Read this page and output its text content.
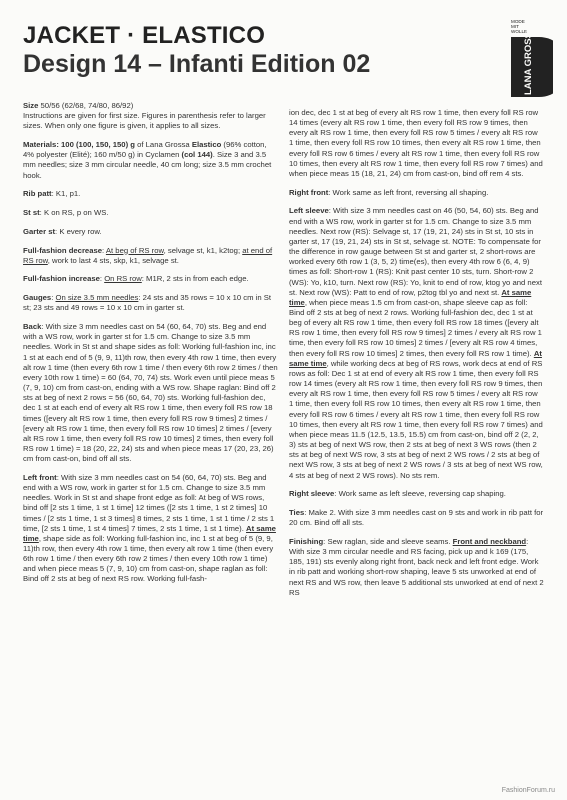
JACKET · ELASTICO
Design 14 – Infanti Edition 02
MODE
MIT
WOLLE
LANA GROSSA

Size 50/56 (62/68, 74/80, 86/92)
Instructions are given for first size. Figures in parenthesis refer to larger sizes. When only one figure is given, it applies to all sizes.

Materials: 100 (100, 150, 150) g of Lana Grossa Elastico (96% cotton, 4% polyester (Elité); 160 m/50 g) in Cyclamen (col 144). Size 3 and 3.5 mm needles; size 3 mm circular needle, 40 cm long; size 3.5 mm crochet hook.

Rib patt: K1, p1.

St st: K on RS, p on WS.

Garter st: K every row.

Full-fashion decrease: At beg of RS row, selvage st, k1, k2tog; at end of RS row, work to last 4 sts, skp, k1, selvage st.

Full-fashion increase: On RS row: M1R, 2 sts in from each edge.

Gauges: On size 3.5 mm needles: 24 sts and 35 rows = 10 x 10 cm in St st; 23 sts and 49 rows = 10 x 10 cm in garter st.

Back: With size 3 mm needles cast on 54 (60, 64, 70) sts. Beg and end with a WS row, work in garter st for 1.5 cm. Change to size 3.5 mm needles. Work in St st and shape sides as foll: Working full-fashion inc, inc 1 st at each end of 5 (9, 9, 11)th row, then every 4th row 1 time, then every alt row 1 time (then every 6th row 1 time / then every 6th row 2 times / then every 10th row 1 time) = 60 (64, 70, 74) sts. Work even until piece meas 5 (7, 9, 10) cm from cast-on, ending with a WS row. Shape raglan: Bind off 2 sts at beg of next 2 rows = 56 (60, 64, 70) sts. Working full-fashion dec, dec 1 st at each end of every alt RS row 1 time, then every foll RS row 18 times ([every alt RS row 1 time, then every foll RS row 9 times] 2 times / [every alt RS row 1 time, then every foll RS row 10 times] 2 times / [every alt RS row 1 time, then every foll RS row 10 times] 2 times, then every foll RS row 1 time) = 18 (20, 22, 24) sts and when piece meas 17 (20, 23, 26) cm from cast-on, bind off all sts.

Left front: With size 3 mm needles cast on 54 (60, 64, 70) sts. Beg and end with a WS row, work in garter st for 1.5 cm. Change to size 3.5 mm needles. Work in St st and shape front edge as foll: At beg of WS rows, bind off [2 sts 1 time, 1 st 1 time] 12 times ([2 sts 1 time, 1 st 2 times] 10 times / [2 sts 1 time, 1 st 3 times] 8 times, 2 sts 1 time, 1 st 1 time / 2 sts 1 time, [2 sts 1 time, 1 st 4 times] 7 times, 2 sts 1 time, 1 st 1 time). At same time, shape side as foll: Working full-fashion inc, inc 1 st at beg of 5 (9, 9, 11)th row, then every 4th row 1 time, then every alt row 1 time (then every 6th row 1 time / then every 6th row 2 times / then every 10th row 1 time) and when piece meas 5 (7, 9, 10) cm from cast-on, shape raglan as foll: Bind off 2 sts at beg of next RS row. Working full-fash-

ion dec, dec 1 st at beg of every alt RS row 1 time, then every foll RS row 14 times (every alt RS row 1 time, then every foll RS row 9 times, then every alt RS row 1 time, then every foll RS row 5 times / every alt RS row 1 time, then every foll RS row 10 times, then every alt RS row 1 time, then every foll RS row 6 times / every alt RS row 1 time, then every foll RS row 10 times, then every alt RS row 1 time, then every foll RS row 7 times) and when piece meas 15 (18, 21, 24) cm from cast-on, bind off rem 4 sts.

Right front: Work same as left front, reversing all shaping.

Left sleeve: With size 3 mm needles cast on 46 (50, 54, 60) sts. Beg and end with a WS row, work in garter st for 1.5 cm. Change to size 3.5 mm needles. Next row (RS): Selvage st, 17 (19, 21, 24) sts in St st, 10 sts in garter st, 17 (19, 21, 24) sts in St st, selvage st. NOTE: To compensate for the difference in row gauge between St st and garter st, 2 short-rows are worked every 6th row 1 (3, 5, 2) time(es), then every 4th row 6 (6, 4, 9) times as foll: Short-row 1 (RS): Knit past center 10 sts, turn. Short-row 2 (WS): Yo, k10, turn. Next row (RS): Yo, knit to end of row, ktog yo and next st. Next row (WS): Patt to end of row, p2tog tbl yo and next st. At same time, when piece meas 1.5 cm from cast-on, shape sleeve cap as foll: Bind off 2 sts at beg of next 2 rows. Working full-fashion dec, dec 1 st at beg of every alt RS row 1 time, then every foll RS row 18 times ([every alt RS row 1 time, then every foll RS row 9 times] 2 times / every alt RS row 1 time, then every foll RS row 10 times] 2 times / [every alt RS row 4 times, then every foll RS row 10 times] 2 times, then every foll RS row 1 time). At same time, while working decs at beg of RS rows, work decs at end of RS rows as foll: Dec 1 st at end of every alt RS row 1 time, then every foll RS row 14 times (every alt RS row 1 time, then every foll RS row 9 times, then every alt RS row 1 time, then every foll RS row 5 times / every alt RS row 1 time, then every foll RS row 10 times, then every alt RS row 1 time, then every foll RS row 6 times / every alt RS row 1 time, then every foll RS row 10 times, then every alt RS row 1 time, then every foll RS row 7 times) and when piece meas 11.5 (12.5, 13.5, 15.5) cm from cast-on, bind off 2 (2, 2, 3) sts at beg of next WS row, then 2 sts at beg of next 3 WS rows (then 2 sts at beg of next WS row, 3 sts at beg of next 2 WS rows / 2 sts at beg of next WS row, 3 sts at beg of next 2 WS rows / 3 sts at beg of next WS row, 4 sts at beg of next 2 WS rows). No sts rem.

Right sleeve: Work same as left sleeve, reversing cap shaping.

Ties: Make 2. With size 3 mm needles cast on 9 sts and work in rib patt for 20 cm. Bind off all sts.

Finishing: Sew raglan, side and sleeve seams. Front and neckband: With size 3 mm circular needle and RS facing, pick up and k 169 (175, 185, 191) sts evenly along right front, back neck and left front edge. Work in rib patt and working short-row shaping, leave 5 sts unworked at end of next RS and WS row, then leave 5 additional sts unworked at end of next 2 RS

FashionForum.ru
